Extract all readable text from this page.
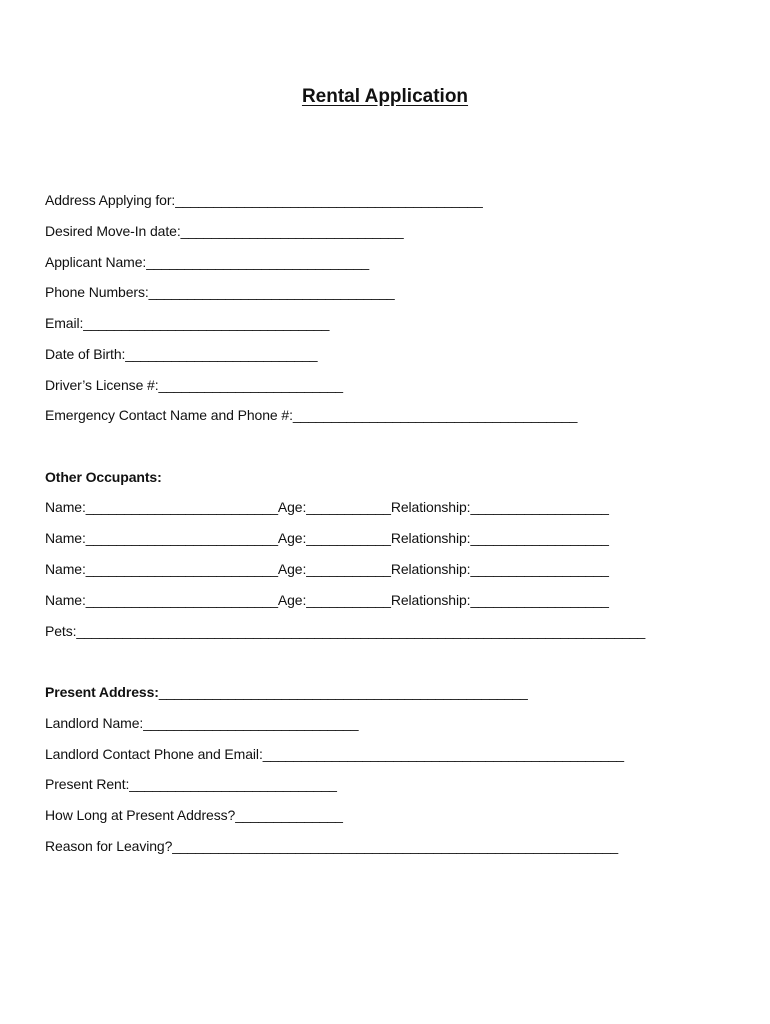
Rental Application
Address Applying for:________________________________________
Desired Move-In date:_____________________________
Applicant Name:_____________________________
Phone Numbers:________________________________
Email:________________________________
Date of Birth:_________________________
Driver’s License #:________________________
Emergency Contact Name and Phone #:_____________________________________
Other Occupants:
Name:_________________________Age:___________Relationship:__________________
Name:_________________________Age:___________Relationship:__________________
Name:_________________________Age:___________Relationship:__________________
Name:_________________________Age:___________Relationship:__________________
Pets:__________________________________________________________________________
Present Address:________________________________________________
Landlord Name:____________________________
Landlord Contact Phone and Email:_______________________________________________
Present Rent:___________________________
How Long at Present Address?______________
Reason for Leaving?__________________________________________________________
